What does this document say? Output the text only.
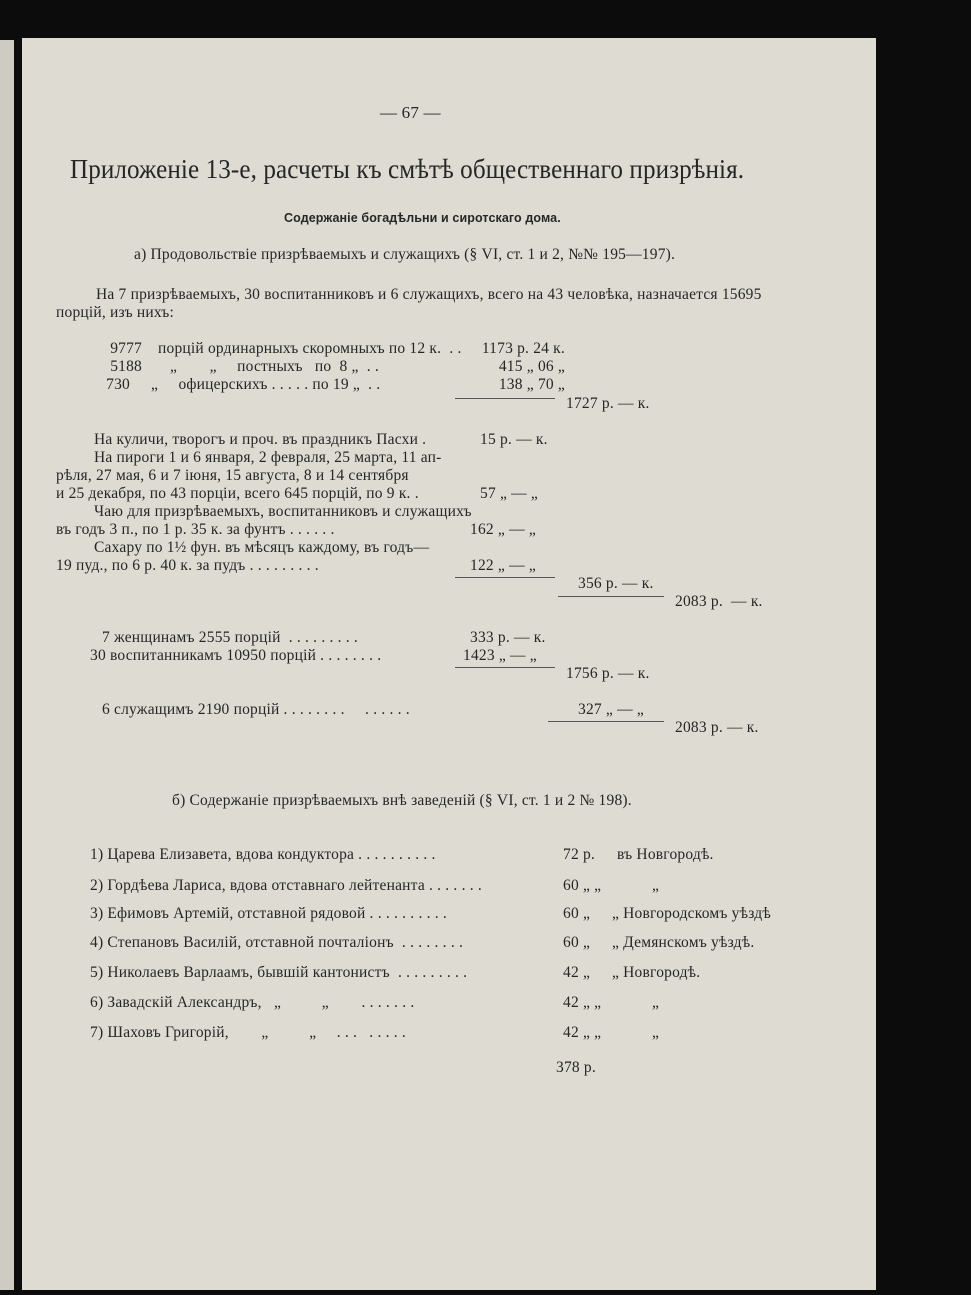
— 67 —
Приложенiе 13-е, расчеты къ смѣтѣ общественнаго призрѣнiя.
Содержанiе богадѣльни и сиротскаго дома.
а) Продовольствiе призрѣваемыхъ и служащихъ (§ VI, ст. 1 и 2, №№ 195—197).
На 7 призрѣваемыхъ, 30 воспитанниковъ и 6 служащихъ, всего на 43 человѣка, назначается 15695
порцiй, изъ нихъ:
9777 порцiй ординарныхъ скоромныхъ по 12 к.  . .	1173 р. 24 к.
5188 „        „     постныхъ   по  8 „  . .	415 „ 06 „
730 „     офицерскихъ . . . . . по 19 „  . .	138 „ 70 „
1727 р. — к.
На куличи, творогъ и проч. въ праздникъ Пасхи .	15 р. — к.
На пироги 1 и 6 января, 2 февраля, 25 марта, 11 ап-
рѣля, 27 мая, 6 и 7 iюня, 15 августа, 8 и 14 сентября
и 25 декабря, по 43 порцiи, всего 645 порцiй, по 9 к. .	57 „ — „
Чаю для призрѣваемыхъ, воспитанниковъ и служащихъ
въ годъ 3 п., по 1 р. 35 к. за фунтъ . . . . . .	162 „ — „
Сахару по 1½ фун. въ мѣсяцъ каждому, въ годъ—
19 пуд., по 6 р. 40 к. за пудъ . . . . . . . . .	122 „ — „
356 р. — к.
2083 р.  — к.
7 женщинамъ 2555 порцiй  . . . . . . . . .	333 р. — к.
30 воспитанникамъ 10950 порцiй . . . . . . . .	1423 „ — „
1756 р. — к.
6 служащимъ 2190 порцiй . . . . . . . .     . . . . . .	327 „ — „
2083 р. — к.
б) Содержанiе призрѣваемыхъ внѣ заведенiй (§ VI, ст. 1 и 2 № 198).
1) Царева Елизавета, вдова кондуктора . . . . . . . . . .	72 р. въ Новгородѣ.
2) Гордѣева Лариса, вдова отставнаго лейтенанта . . . . . . .	60 „ „	„
3) Ефимовъ Артемiй, отставной рядовой . . . . . . . . . .	60 „ „ Новгородскомъ уѣздѣ
4) Степановъ Василiй, отставной почталiонъ  . . . . . . . .	60 „ „ Демянскомъ уѣздѣ.
5) Николаевъ Варлаамъ, бывшiй кантонистъ  . . . . . . . . .	42 „ „ Новгородѣ.
6) Завадскiй Александръ,   „          „        . . . . . . .	42 „ „	„
7) Шаховъ Григорiй,        „          „     . . .   . . . . .	42 „ „	„
378 р.
